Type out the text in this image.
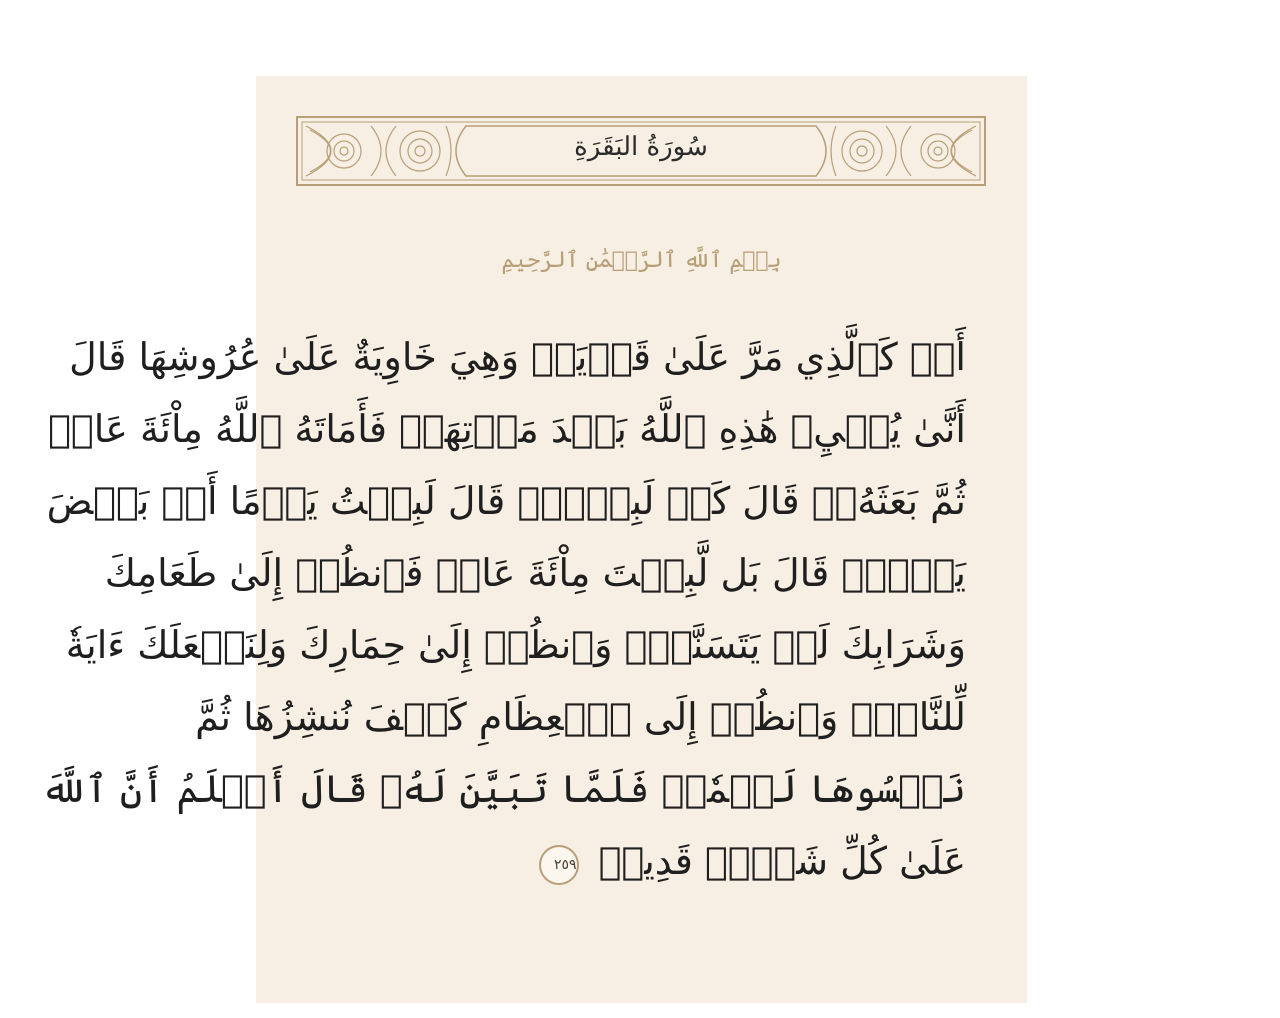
سُورَةُ البَقَرَةِ
بِسۡمِ ٱللَّهِ ٱلرَّحۡمَٰنِ ٱلرَّحِيمِ
أَوۡ كَٱلَّذِي مَرَّ عَلَىٰ قَرۡيَةٖ وَهِيَ خَاوِيَةٌ عَلَىٰ عُرُوشِهَا قَالَ
أَنَّىٰ يُحۡيِۦ هَٰذِهِ ٱللَّهُ بَعۡدَ مَوۡتِهَاۖ فَأَمَاتَهُ ٱللَّهُ مِاْئَةَ عَامٖ
ثُمَّ بَعَثَهُۥۖ قَالَ كَمۡ لَبِثۡتَۖ قَالَ لَبِثۡتُ يَوۡمًا أَوۡ بَعۡضَ
يَوۡمٖۖ قَالَ بَل لَّبِثۡتَ مِاْئَةَ عَامٖ فَٱنظُرۡ إِلَىٰ طَعَامِكَ
وَشَرَابِكَ لَمۡ يَتَسَنَّهۡۖ وَٱنظُرۡ إِلَىٰ حِمَارِكَ وَلِنَجۡعَلَكَ ءَايَةٗ
لِّلنَّاسِۖ وَٱنظُرۡ إِلَى ٱلۡعِظَامِ كَيۡفَ نُنشِزُهَا ثُمَّ
نَكۡسُوهَا لَحۡمٗاۚ فَلَمَّا تَبَيَّنَ لَهُۥ قَالَ أَعۡلَمُ أَنَّ ٱللَّهَ
عَلَىٰ كُلِّ شَيۡءٖ قَدِيرٞ ٢٥٩
